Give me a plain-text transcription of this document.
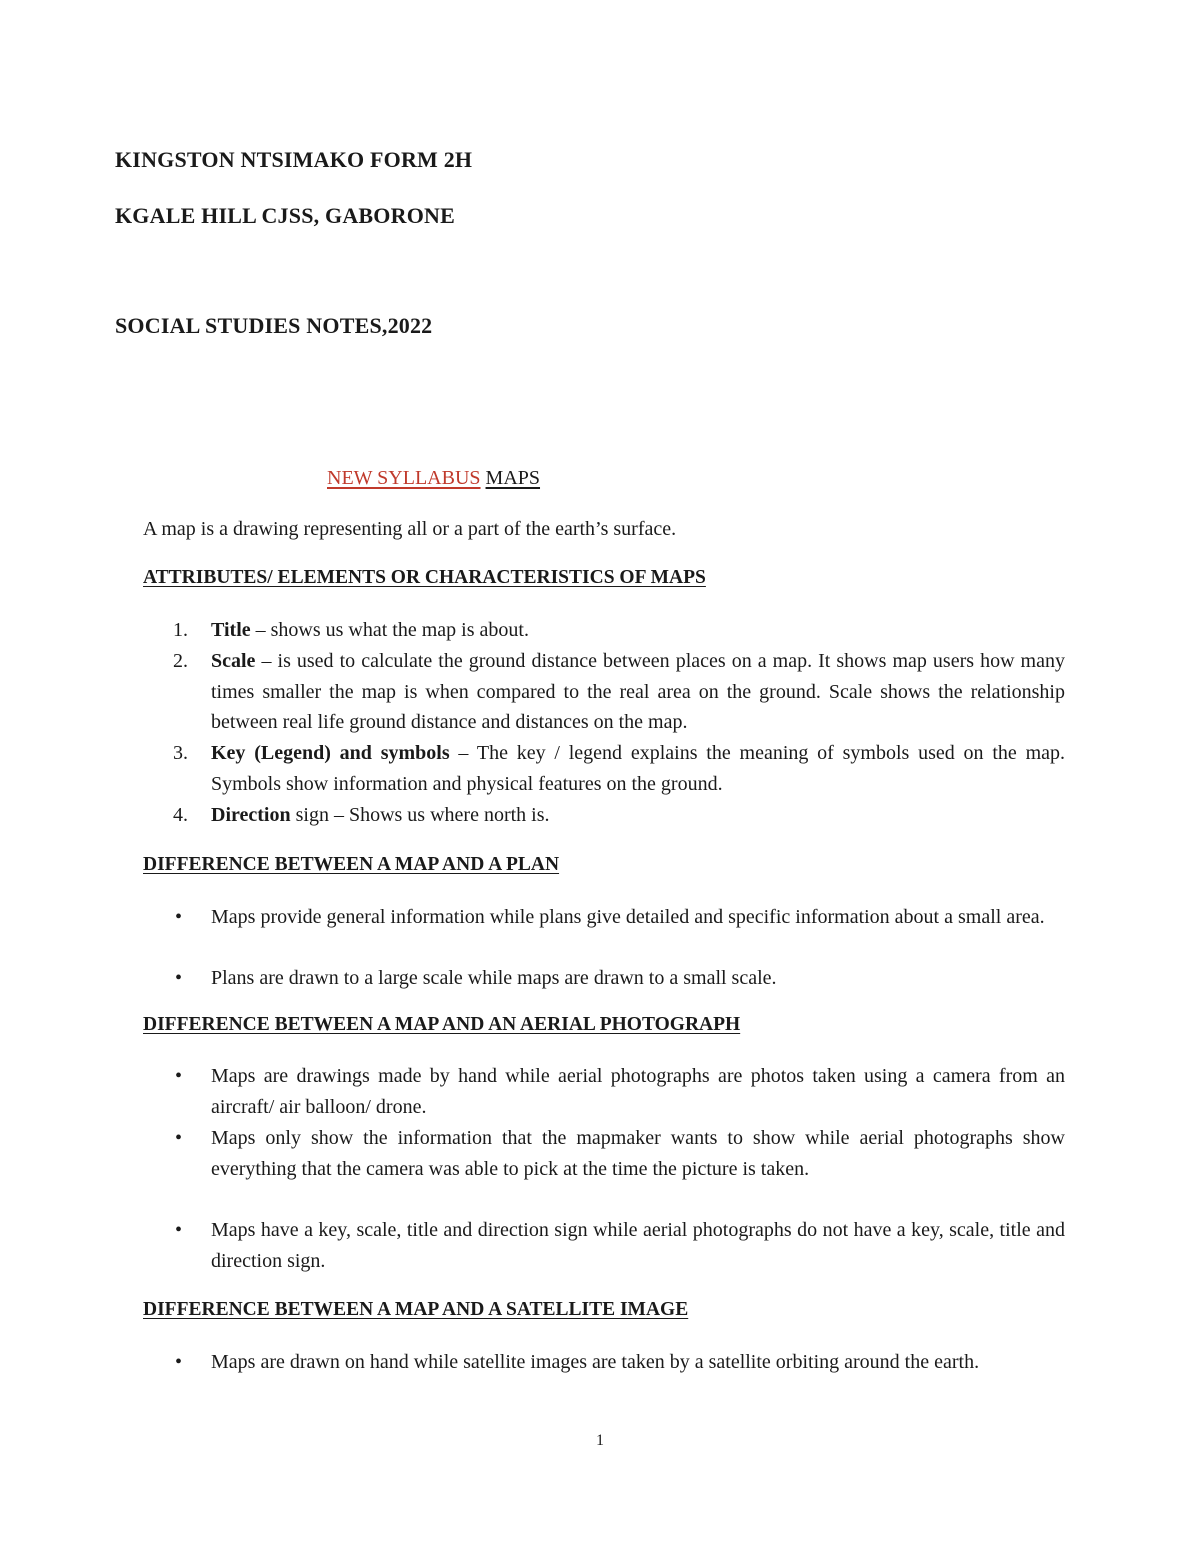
KINGSTON NTSIMAKO FORM 2H
KGALE HILL CJSS, GABORONE
SOCIAL STUDIES NOTES,2022
NEW SYLLABUS MAPS
A map is a drawing representing all or a part of the earth’s surface.
ATTRIBUTES/ ELEMENTS OR CHARACTERISTICS OF MAPS
1. Title – shows us what the map is about.
2. Scale – is used to calculate the ground distance between places on a map. It shows map users how many times smaller the map is when compared to the real area on the ground. Scale shows the relationship between real life ground distance and distances on the map.
3. Key (Legend) and symbols – The key / legend explains the meaning of symbols used on the map. Symbols show information and physical features on the ground.
4. Direction sign – Shows us where north is.
DIFFERENCE BETWEEN A MAP AND A PLAN
• Maps provide general information while plans give detailed and specific information about a small area.
• Plans are drawn to a large scale while maps are drawn to a small scale.
DIFFERENCE BETWEEN A MAP AND AN AERIAL PHOTOGRAPH
• Maps are drawings made by hand while aerial photographs are photos taken using a camera from an aircraft/ air balloon/ drone.
• Maps only show the information that the mapmaker wants to show while aerial photographs show everything that the camera was able to pick at the time the picture is taken.
• Maps have a key, scale, title and direction sign while aerial photographs do not have a key, scale, title and direction sign.
DIFFERENCE BETWEEN A MAP AND A SATELLITE IMAGE
• Maps are drawn on hand while satellite images are taken by a satellite orbiting around the earth.
1
